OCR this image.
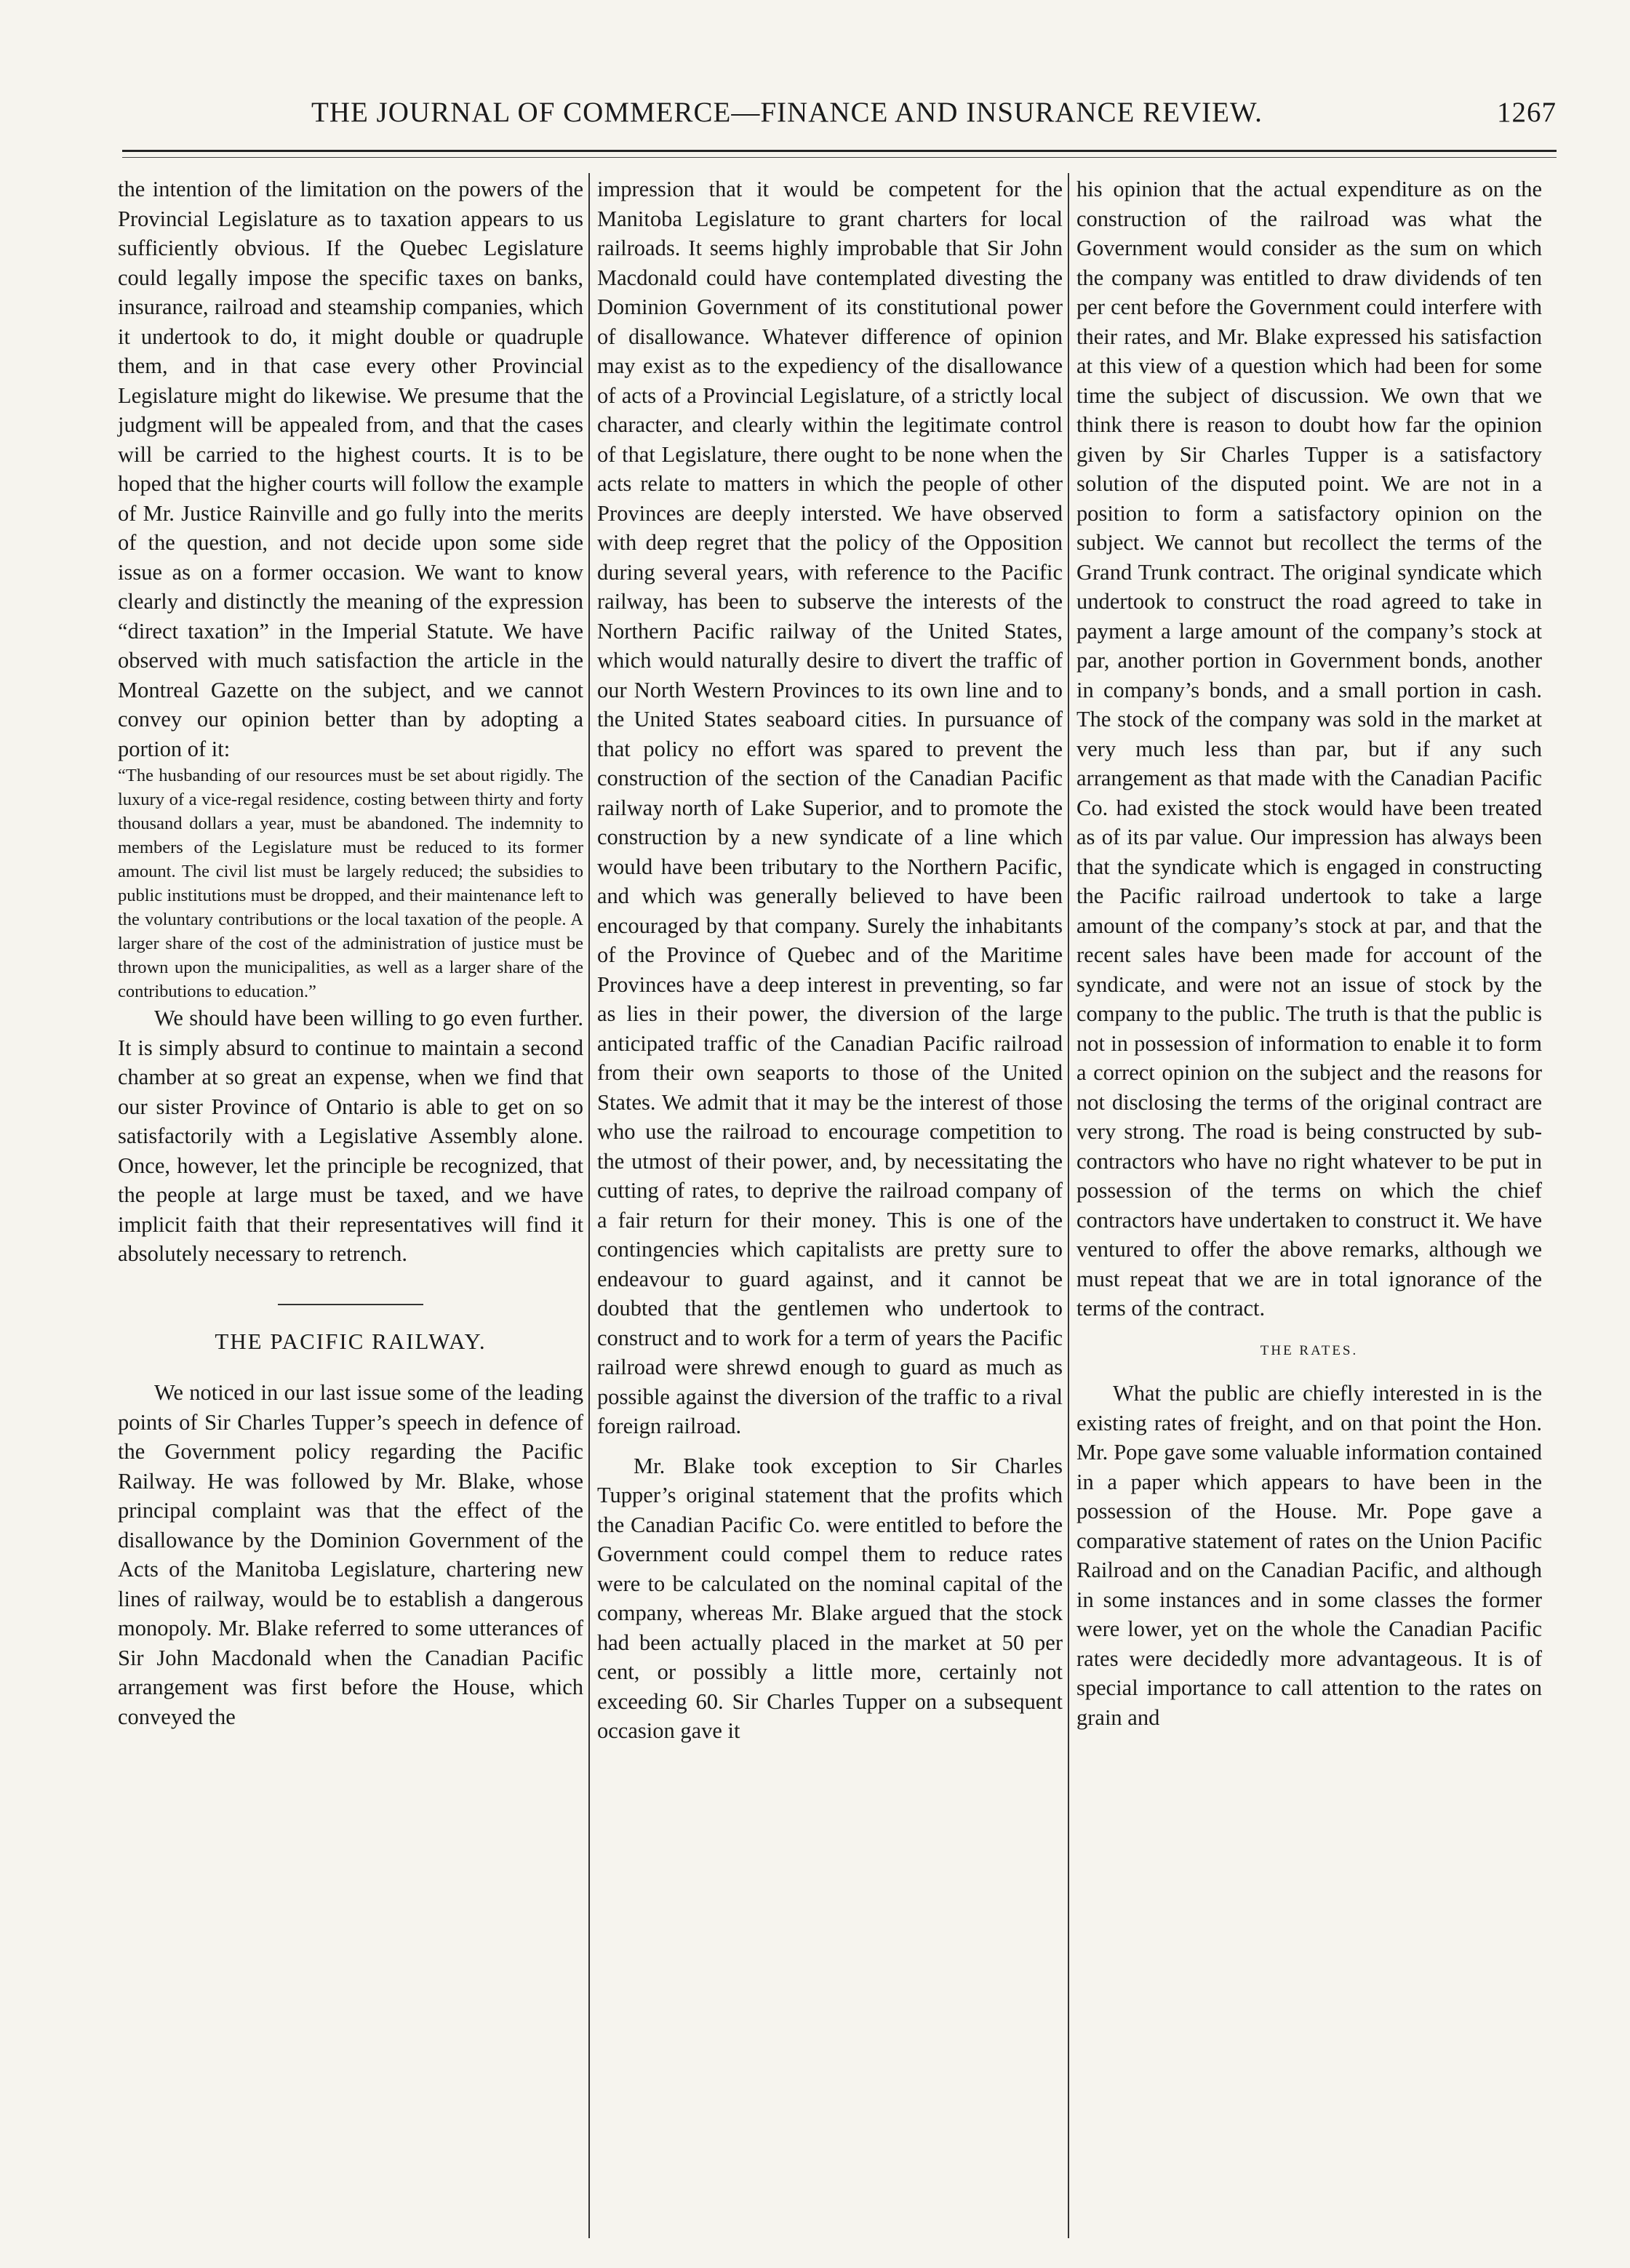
THE JOURNAL OF COMMERCE—FINANCE AND INSURANCE REVIEW.	1267

the intention of the limitation on the powers of the Provincial Legislature as to taxation appears to us sufficiently obvious. If the Quebec Legislature could legally impose the specific taxes on banks, insurance, railroad and steamship companies, which it undertook to do, it might double or quadruple them, and in that case every other Provincial Legislature might do likewise. We presume that the judgment will be appealed from, and that the cases will be carried to the highest courts. It is to be hoped that the higher courts will follow the example of Mr. Justice Rainville and go fully into the merits of the question, and not decide upon some side issue as on a former occasion. We want to know clearly and distinctly the meaning of the expression “direct taxation” in the Imperial Statute. We have observed with much satisfaction the article in the Montreal Gazette on the subject, and we cannot convey our opinion better than by adopting a portion of it:

“The husbanding of our resources must be set about rigidly. The luxury of a vice-regal residence, costing between thirty and forty thousand dollars a year, must be abandoned. The indemnity to members of the Legislature must be reduced to its former amount. The civil list must be largely reduced; the subsidies to public institutions must be dropped, and their maintenance left to the voluntary contributions or the local taxation of the people. A larger share of the cost of the administration of justice must be thrown upon the municipalities, as well as a larger share of the contributions to education.”

We should have been willing to go even further. It is simply absurd to continue to maintain a second chamber at so great an expense, when we find that our sister Province of Ontario is able to get on so satisfactorily with a Legislative Assembly alone. Once, however, let the principle be recognized, that the people at large must be taxed, and we have implicit faith that their representatives will find it absolutely necessary to retrench.

THE PACIFIC RAILWAY.

We noticed in our last issue some of the leading points of Sir Charles Tupper’s speech in defence of the Government policy regarding the Pacific Railway. He was followed by Mr. Blake, whose principal complaint was that the effect of the disallowance by the Dominion Government of the Acts of the Manitoba Legislature, chartering new lines of railway, would be to establish a dangerous monopoly. Mr. Blake referred to some utterances of Sir John Macdonald when the Canadian Pacific arrangement was first before the House, which conveyed the

impression that it would be competent for the Manitoba Legislature to grant charters for local railroads. It seems highly improbable that Sir John Macdonald could have contemplated divesting the Dominion Government of its constitutional power of disallowance. Whatever difference of opinion may exist as to the expediency of the disallowance of acts of a Provincial Legislature, of a strictly local character, and clearly within the legitimate control of that Legislature, there ought to be none when the acts relate to matters in which the people of other Provinces are deeply intersted. We have observed with deep regret that the policy of the Opposition during several years, with reference to the Pacific railway, has been to subserve the interests of the Northern Pacific railway of the United States, which would naturally desire to divert the traffic of our North Western Provinces to its own line and to the United States seaboard cities. In pursuance of that policy no effort was spared to prevent the construction of the section of the Canadian Pacific railway north of Lake Superior, and to promote the construction by a new syndicate of a line which would have been tributary to the Northern Pacific, and which was generally believed to have been encouraged by that company. Surely the inhabitants of the Province of Quebec and of the Maritime Provinces have a deep interest in preventing, so far as lies in their power, the diversion of the large anticipated traffic of the Canadian Pacific railroad from their own seaports to those of the United States. We admit that it may be the interest of those who use the railroad to encourage competition to the utmost of their power, and, by necessitating the cutting of rates, to deprive the railroad company of a fair return for their money. This is one of the contingencies which capitalists are pretty sure to endeavour to guard against, and it cannot be doubted that the gentlemen who undertook to construct and to work for a term of years the Pacific railroad were shrewd enough to guard as much as possible against the diversion of the traffic to a rival foreign railroad.

Mr. Blake took exception to Sir Charles Tupper’s original statement that the profits which the Canadian Pacific Co. were entitled to before the Government could compel them to reduce rates were to be calculated on the nominal capital of the company, whereas Mr. Blake argued that the stock had been actually placed in the market at 50 per cent, or possibly a little more, certainly not exceeding 60. Sir Charles Tupper on a subsequent occasion gave it

his opinion that the actual expenditure as on the construction of the railroad was what the Government would consider as the sum on which the company was entitled to draw dividends of ten per cent before the Government could interfere with their rates, and Mr. Blake expressed his satisfaction at this view of a question which had been for some time the subject of discussion. We own that we think there is reason to doubt how far the opinion given by Sir Charles Tupper is a satisfactory solution of the disputed point. We are not in a position to form a satisfactory opinion on the subject. We cannot but recollect the terms of the Grand Trunk contract. The original syndicate which undertook to construct the road agreed to take in payment a large amount of the company’s stock at par, another portion in Government bonds, another in company’s bonds, and a small portion in cash. The stock of the company was sold in the market at very much less than par, but if any such arrangement as that made with the Canadian Pacific Co. had existed the stock would have been treated as of its par value. Our impression has always been that the syndicate which is engaged in constructing the Pacific railroad undertook to take a large amount of the company’s stock at par, and that the recent sales have been made for account of the syndicate, and were not an issue of stock by the company to the public. The truth is that the public is not in possession of information to enable it to form a correct opinion on the subject and the reasons for not disclosing the terms of the original contract are very strong. The road is being constructed by sub-contractors who have no right whatever to be put in possession of the terms on which the chief contractors have undertaken to construct it. We have ventured to offer the above remarks, although we must repeat that we are in total ignorance of the terms of the contract.

THE RATES.

What the public are chiefly interested in is the existing rates of freight, and on that point the Hon. Mr. Pope gave some valuable information contained in a paper which appears to have been in the possession of the House. Mr. Pope gave a comparative statement of rates on the Union Pacific Railroad and on the Canadian Pacific, and although in some instances and in some classes the former were lower, yet on the whole the Canadian Pacific rates were decidedly more advantageous. It is of special importance to call attention to the rates on grain and
